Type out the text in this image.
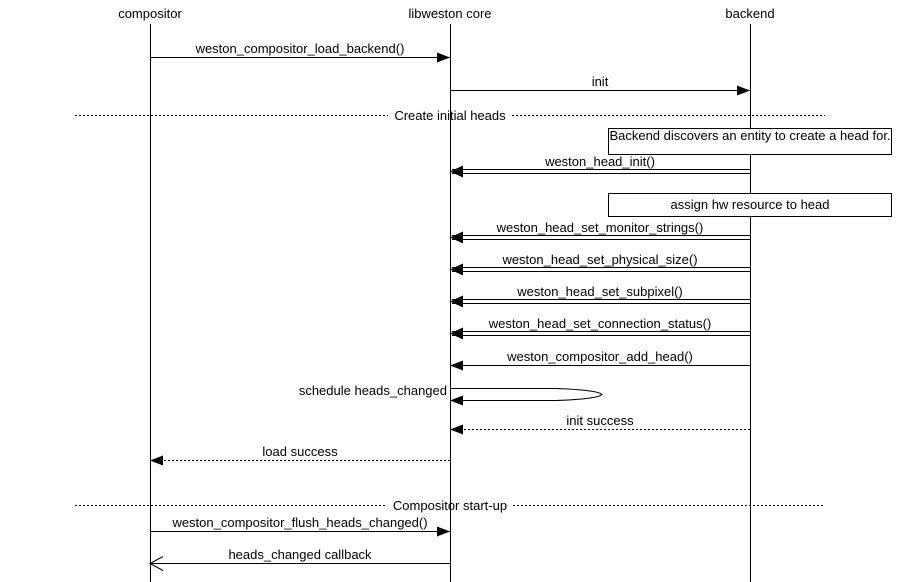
compositor	libweston core	backend
Backend discovers an entity to create a head for.
assign hw resource to head
Create initial heads
Compositor start-up
weston_compositor_load_backend()
init
weston_head_init()
weston_head_set_monitor_strings()
weston_head_set_physical_size()
weston_head_set_subpixel()
weston_head_set_connection_status()
weston_compositor_add_head()
schedule heads_changed
init success
load success
weston_compositor_flush_heads_changed()
heads_changed callback
